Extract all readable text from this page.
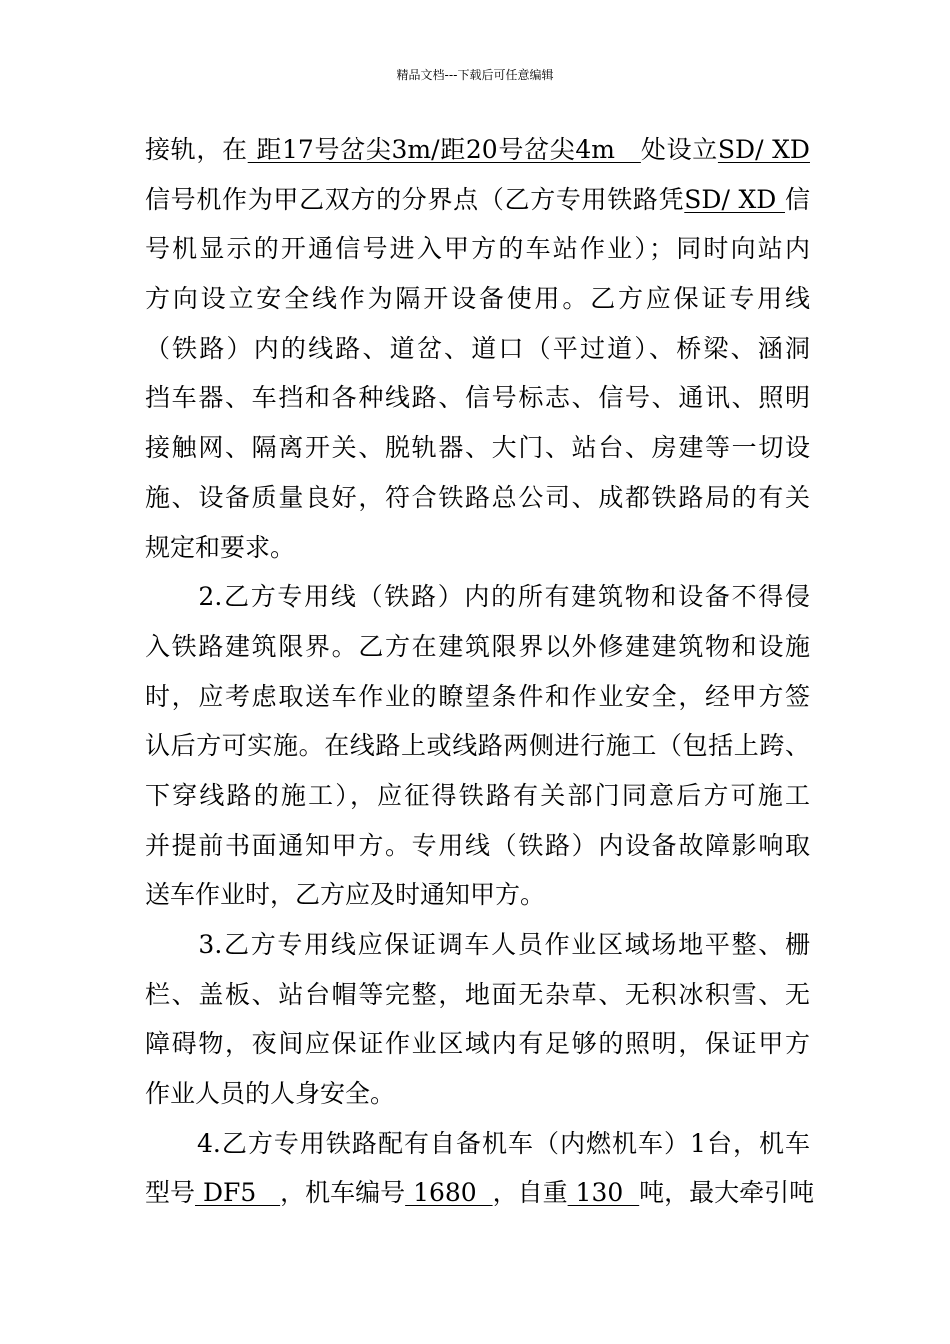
精品文档---下载后可任意编辑
接轨，在 距17号岔尖3m/距20号岔尖4m   处设立SD/ XD
信号机作为甲乙双方的分界点（乙方专用铁路凭SD/ XD 信
号机显示的开通信号进入甲方的车站作业）；同时向站内
方向设立安全线作为隔开设备使用。乙方应保证专用线
（铁路）内的线路、道岔、道口（平过道）、桥梁、涵洞
挡车器、车挡和各种线路、信号标志、信号、通讯、照明
接触网、隔离开关、脱轨器、大门、站台、房建等一切设
施、设备质量良好，符合铁路总公司、成都铁路局的有关
规定和要求。
　　2.乙方专用线（铁路）内的所有建筑物和设备不得侵
入铁路建筑限界。乙方在建筑限界以外修建建筑物和设施
时，应考虑取送车作业的瞭望条件和作业安全，经甲方签
认后方可实施。在线路上或线路两侧进行施工（包括上跨、
下穿线路的施工），应征得铁路有关部门同意后方可施工
并提前书面通知甲方。专用线（铁路）内设备故障影响取
送车作业时，乙方应及时通知甲方。
　　3.乙方专用线应保证调车人员作业区域场地平整、栅
栏、盖板、站台帽等完整，地面无杂草、无积冰积雪、无
障碍物，夜间应保证作业区域内有足够的照明，保证甲方
作业人员的人身安全。
　　4.乙方专用铁路配有自备机车（内燃机车）1台，机车
型号 DF5   ，机车编号 1680  ，自重 130  吨，最大牵引吨
